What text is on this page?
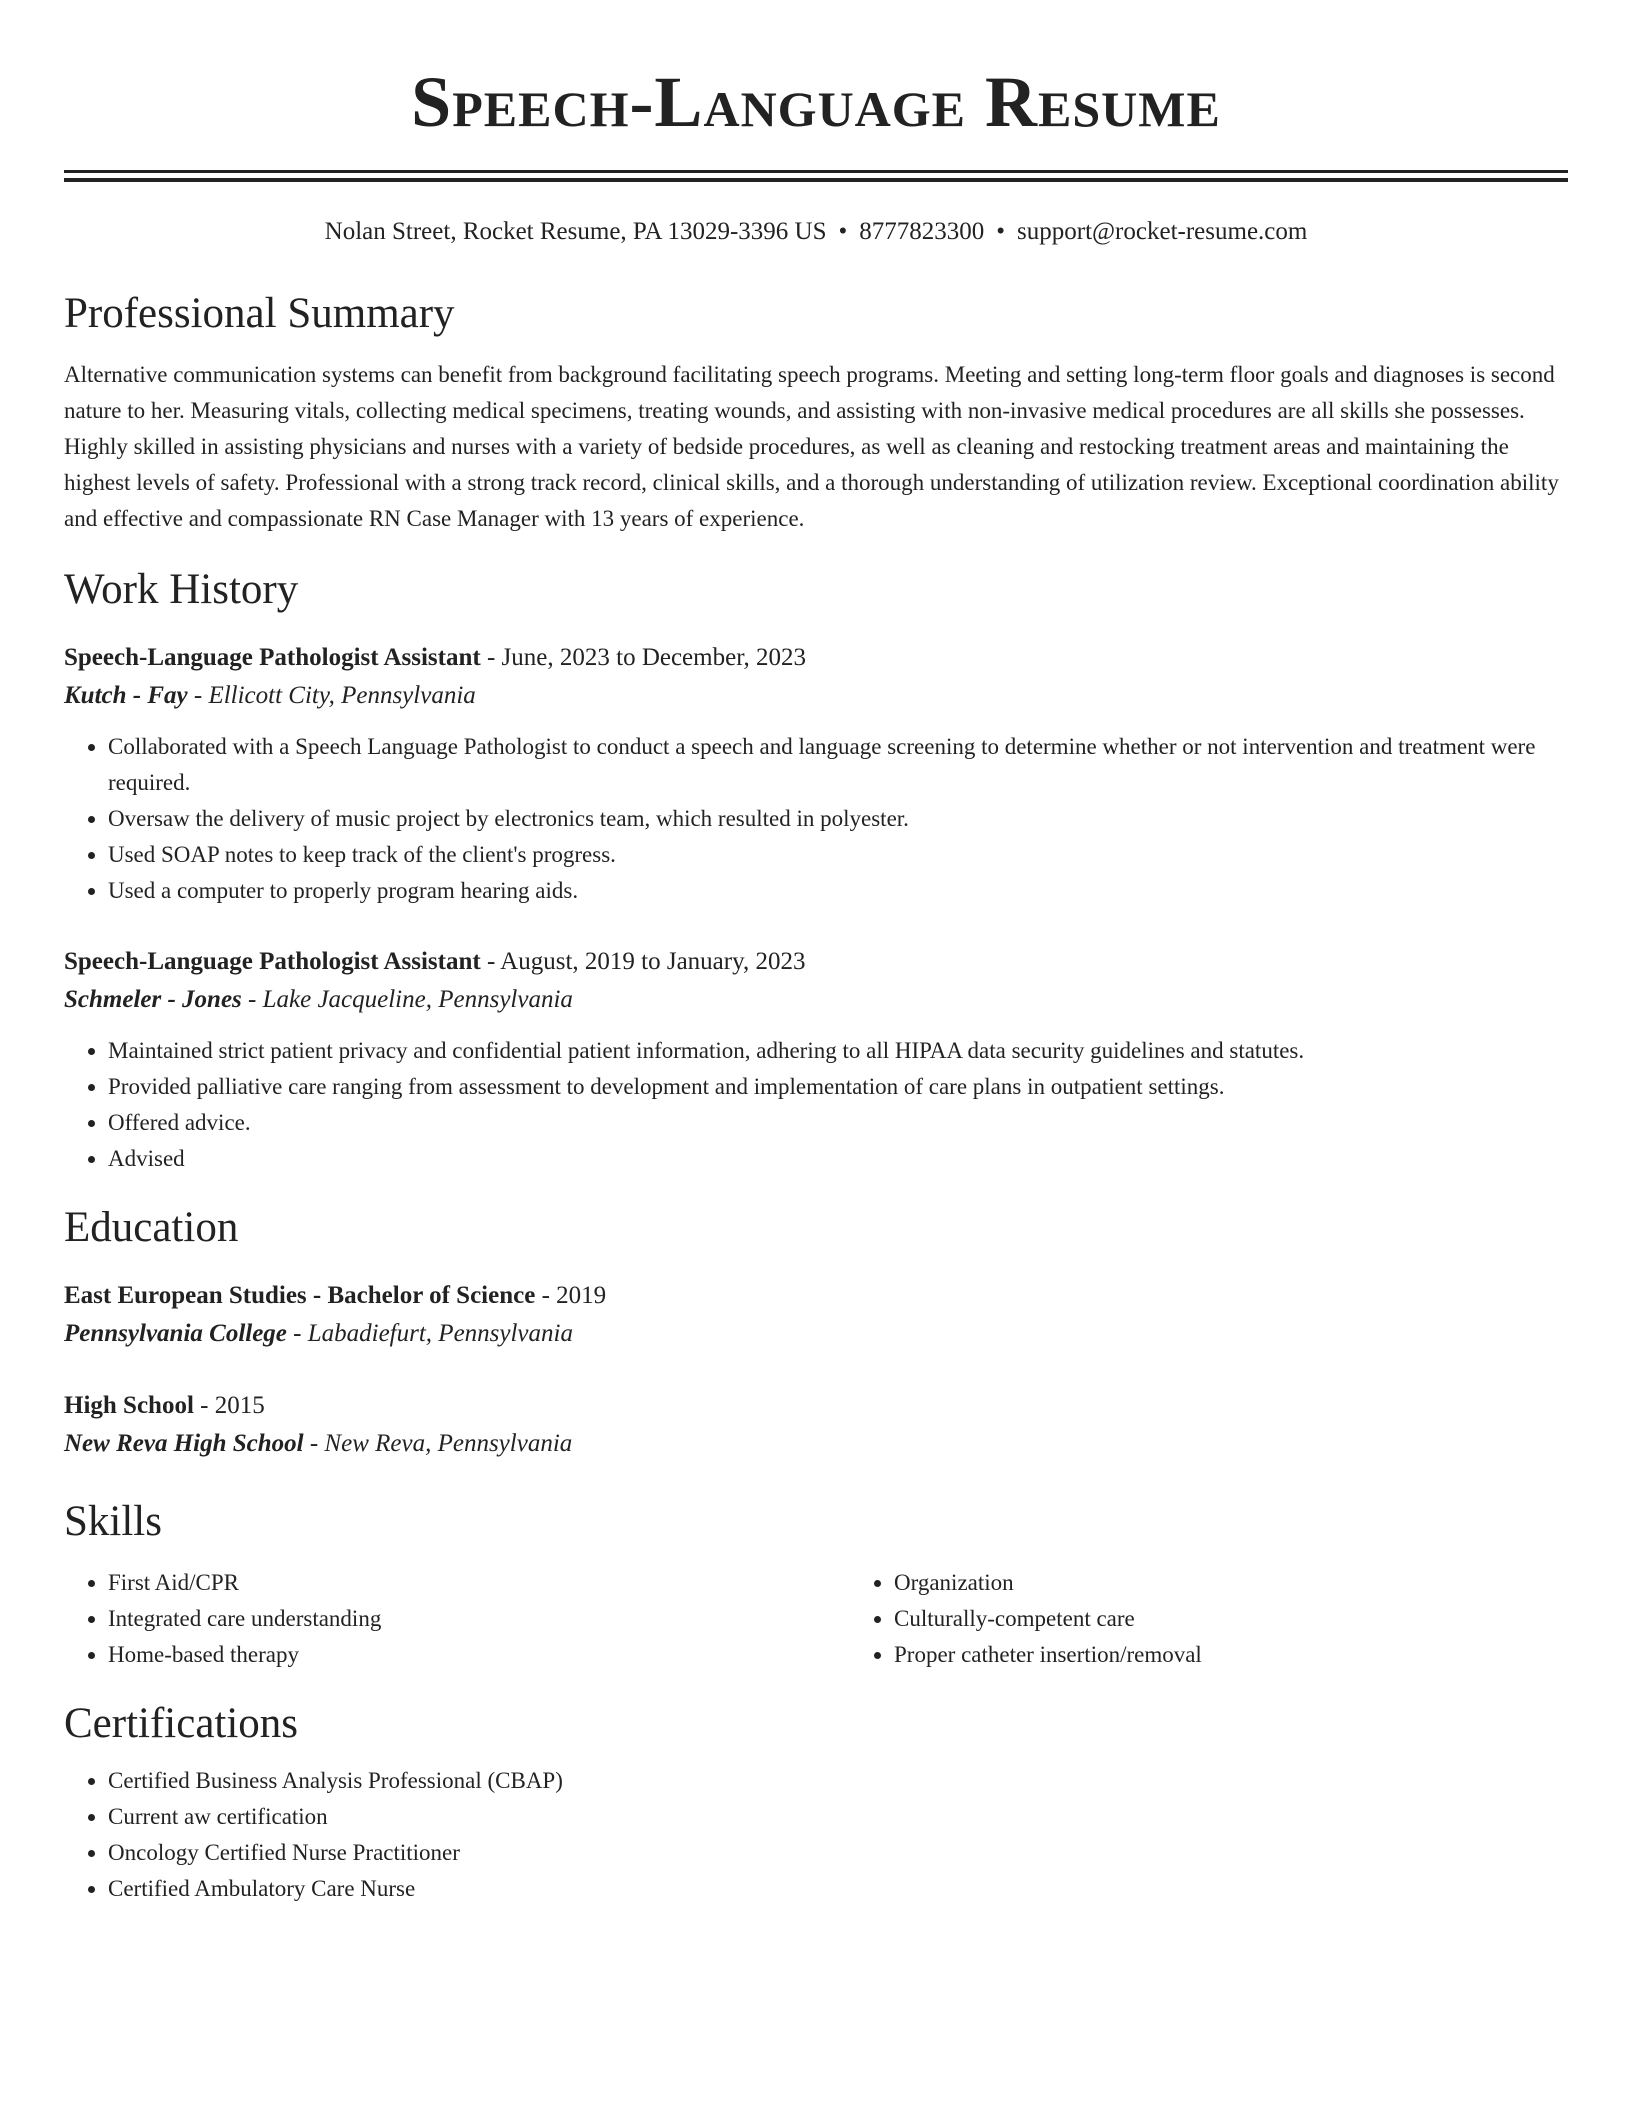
Speech-Language Resume
Nolan Street, Rocket Resume, PA 13029-3396 US • 8777823300 • support@rocket-resume.com
Professional Summary
Alternative communication systems can benefit from background facilitating speech programs. Meeting and setting long-term floor goals and diagnoses is second nature to her. Measuring vitals, collecting medical specimens, treating wounds, and assisting with non-invasive medical procedures are all skills she possesses. Highly skilled in assisting physicians and nurses with a variety of bedside procedures, as well as cleaning and restocking treatment areas and maintaining the highest levels of safety. Professional with a strong track record, clinical skills, and a thorough understanding of utilization review. Exceptional coordination ability and effective and compassionate RN Case Manager with 13 years of experience.
Work History
Speech-Language Pathologist Assistant - June, 2023 to December, 2023
Kutch - Fay - Ellicott City, Pennsylvania
• Collaborated with a Speech Language Pathologist to conduct a speech and language screening to determine whether or not intervention and treatment were required.
• Oversaw the delivery of music project by electronics team, which resulted in polyester.
• Used SOAP notes to keep track of the client's progress.
• Used a computer to properly program hearing aids.
Speech-Language Pathologist Assistant - August, 2019 to January, 2023
Schmeler - Jones - Lake Jacqueline, Pennsylvania
• Maintained strict patient privacy and confidential patient information, adhering to all HIPAA data security guidelines and statutes.
• Provided palliative care ranging from assessment to development and implementation of care plans in outpatient settings.
• Offered advice.
• Advised
Education
East European Studies - Bachelor of Science - 2019
Pennsylvania College - Labadiefurt, Pennsylvania
High School - 2015
New Reva High School - New Reva, Pennsylvania
Skills
• First Aid/CPR
• Integrated care understanding
• Home-based therapy
• Organization
• Culturally-competent care
• Proper catheter insertion/removal
Certifications
• Certified Business Analysis Professional (CBAP)
• Current aw certification
• Oncology Certified Nurse Practitioner
• Certified Ambulatory Care Nurse
